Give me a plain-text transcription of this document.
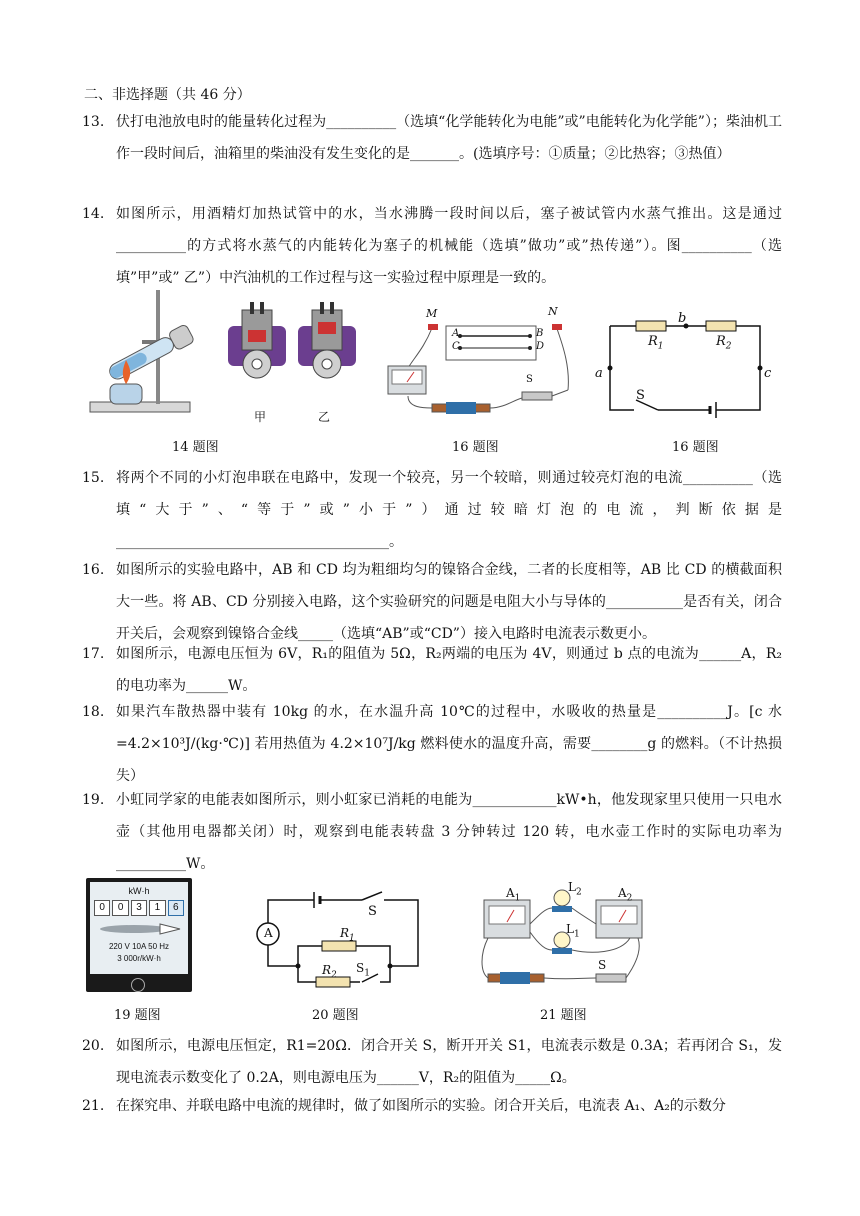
二、非选择题（共 46 分）
13. 伏打电池放电时的能量转化过程为__________（选填“化学能转化为电能”或”电能转化为化学能”）；柴油机工作一段时间后，油箱里的柴油没有发生变化的是_______。(选填序号：①质量；②比热容；③热值）
14. 如图所示，用酒精灯加热试管中的水，当水沸腾一段时间以后，塞子被试管内水蒸气推出。这是通过__________的方式将水蒸气的内能转化为塞子的机械能（选填”做功”或”热传递”）。图__________（选填”甲”或” 乙”）中汽油机的工作过程与这一实验过程中原理是一致的。
甲	乙
M	N
A	B
C	D
S
b
$R_1$	$R_2$
a	c
S
14 题图	16 题图	16 题图
15. 将两个不同的小灯泡串联在电路中，发现一个较亮，另一个较暗，则通过较亮灯泡的电流__________（选填“大于”、“等于”或”小于”）通过较暗灯泡的电流，判断依据是_______________________________________。
16. 如图所示的实验电路中，AB 和 CD 均为粗细均匀的镍铬合金线，二者的长度相等，AB 比 CD 的横截面积大一些。将 AB、CD 分别接入电路，这个实验研究的问题是电阻大小与导体的___________是否有关，闭合开关后，会观察到镍铬合金线_____（选填“AB”或“CD”）接入电路时电流表示数更小。
17. 如图所示，电源电压恒为 6V，R₁的阻值为 5Ω，R₂两端的电压为 4V，则通过 b 点的电流为______A，R₂的电功率为______W。
18. 如果汽车散热器中装有 10kg 的水，在水温升高 10℃的过程中，水吸收的热量是__________J。[c 水=4.2×10³J/(kg·℃)] 若用热值为 4.2×10⁷J/kg 燃料使水的温度升高，需要________g 的燃料。（不计热损失）
19. 小虹同学家的电能表如图所示，则小虹家已消耗的电能为____________kW•h，他发现家里只使用一只电水壶（其他用电器都关闭）时，观察到电能表转盘 3 分钟转过 120 转，电水壶工作时的实际电功率为__________W。
kW·h
0	0	3	1	6
220 V 10A 50 Hz
3 000r/kW·h
A
S
$R_1$
$R_2$
$S_1$
$A_1$	$A_2$
$L_2$
$L_1$
S
19 题图	20 题图	21 题图
20. 如图所示，电源电压恒定，R1=20Ω．闭合开关 S，断开开关 S1，电流表示数是 0.3A；若再闭合 S₁，发现电流表示数变化了 0.2A，则电源电压为______V，R₂的阻值为_____Ω。
21. 在探究串、并联电路中电流的规律时，做了如图所示的实验。闭合开关后，电流表 A₁、A₂的示数分
